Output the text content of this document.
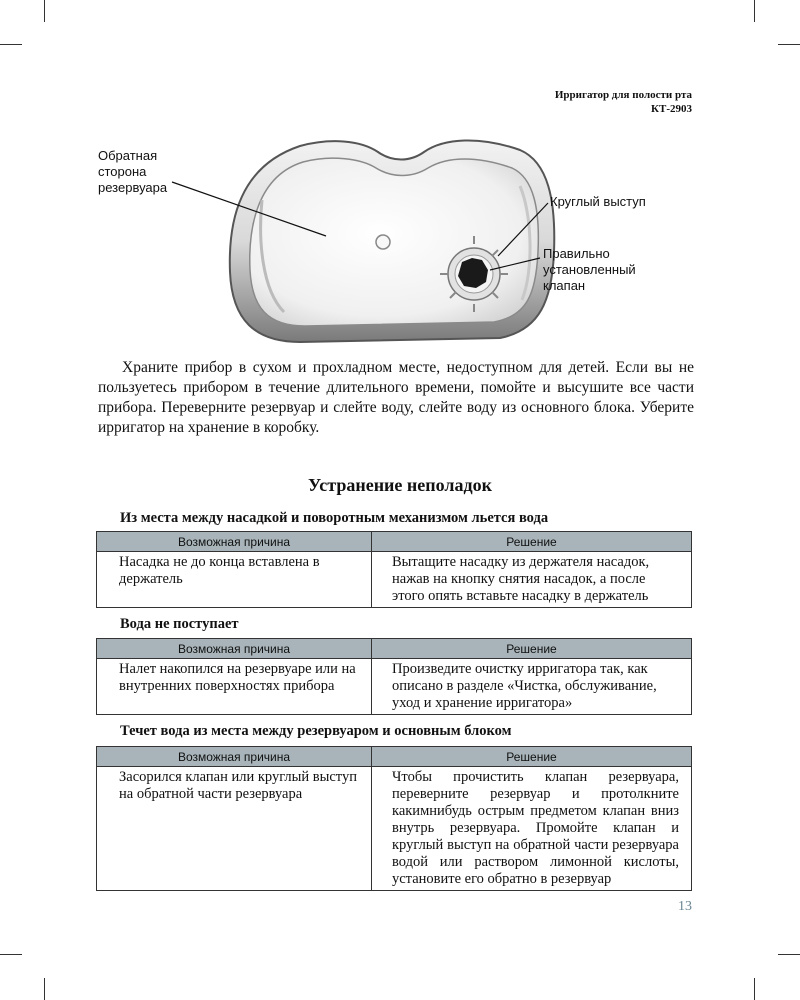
Ирригатор для полости рта
КТ-2903
Обратная
сторона
резервуара
Круглый выступ
Правильно
установленный
клапан

Храните прибор в сухом и прохладном месте, недоступном для детей. Если вы не пользуетесь прибором в течение длительного времени, помойте и высушите все части прибора. Переверните резервуар и слейте воду, слейте воду из основного блока. Уберите ирригатор на хранение в коробку.

Устранение неполадок
Из места между насадкой и поворотным механизмом льется вода
Возможная причина	Решение
Насадка не до конца вставлена в держатель	Вытащите насадку из держателя насадок, нажав на кнопку снятия насадок, а после этого опять вставьте насадку в держатель
Вода не поступает
Возможная причина	Решение
Налет накопился на резервуаре или на внутренних поверхностях прибора	Произведите очистку ирригатора так, как описано в разделе «Чистка, обслуживание, уход и хранение ирригатора»
Течет вода из места между резервуаром и основным блоком
Возможная причина	Решение
Засорился клапан или круглый выступ на обратной части резервуара	Чтобы прочистить клапан резервуара, переверните резервуар и протолкните какимнибудь острым предметом клапан вниз внутрь резервуара. Промойте клапан и круглый выступ на обратной части резервуара водой или раствором лимонной кислоты, установите его обратно в резервуар
13
